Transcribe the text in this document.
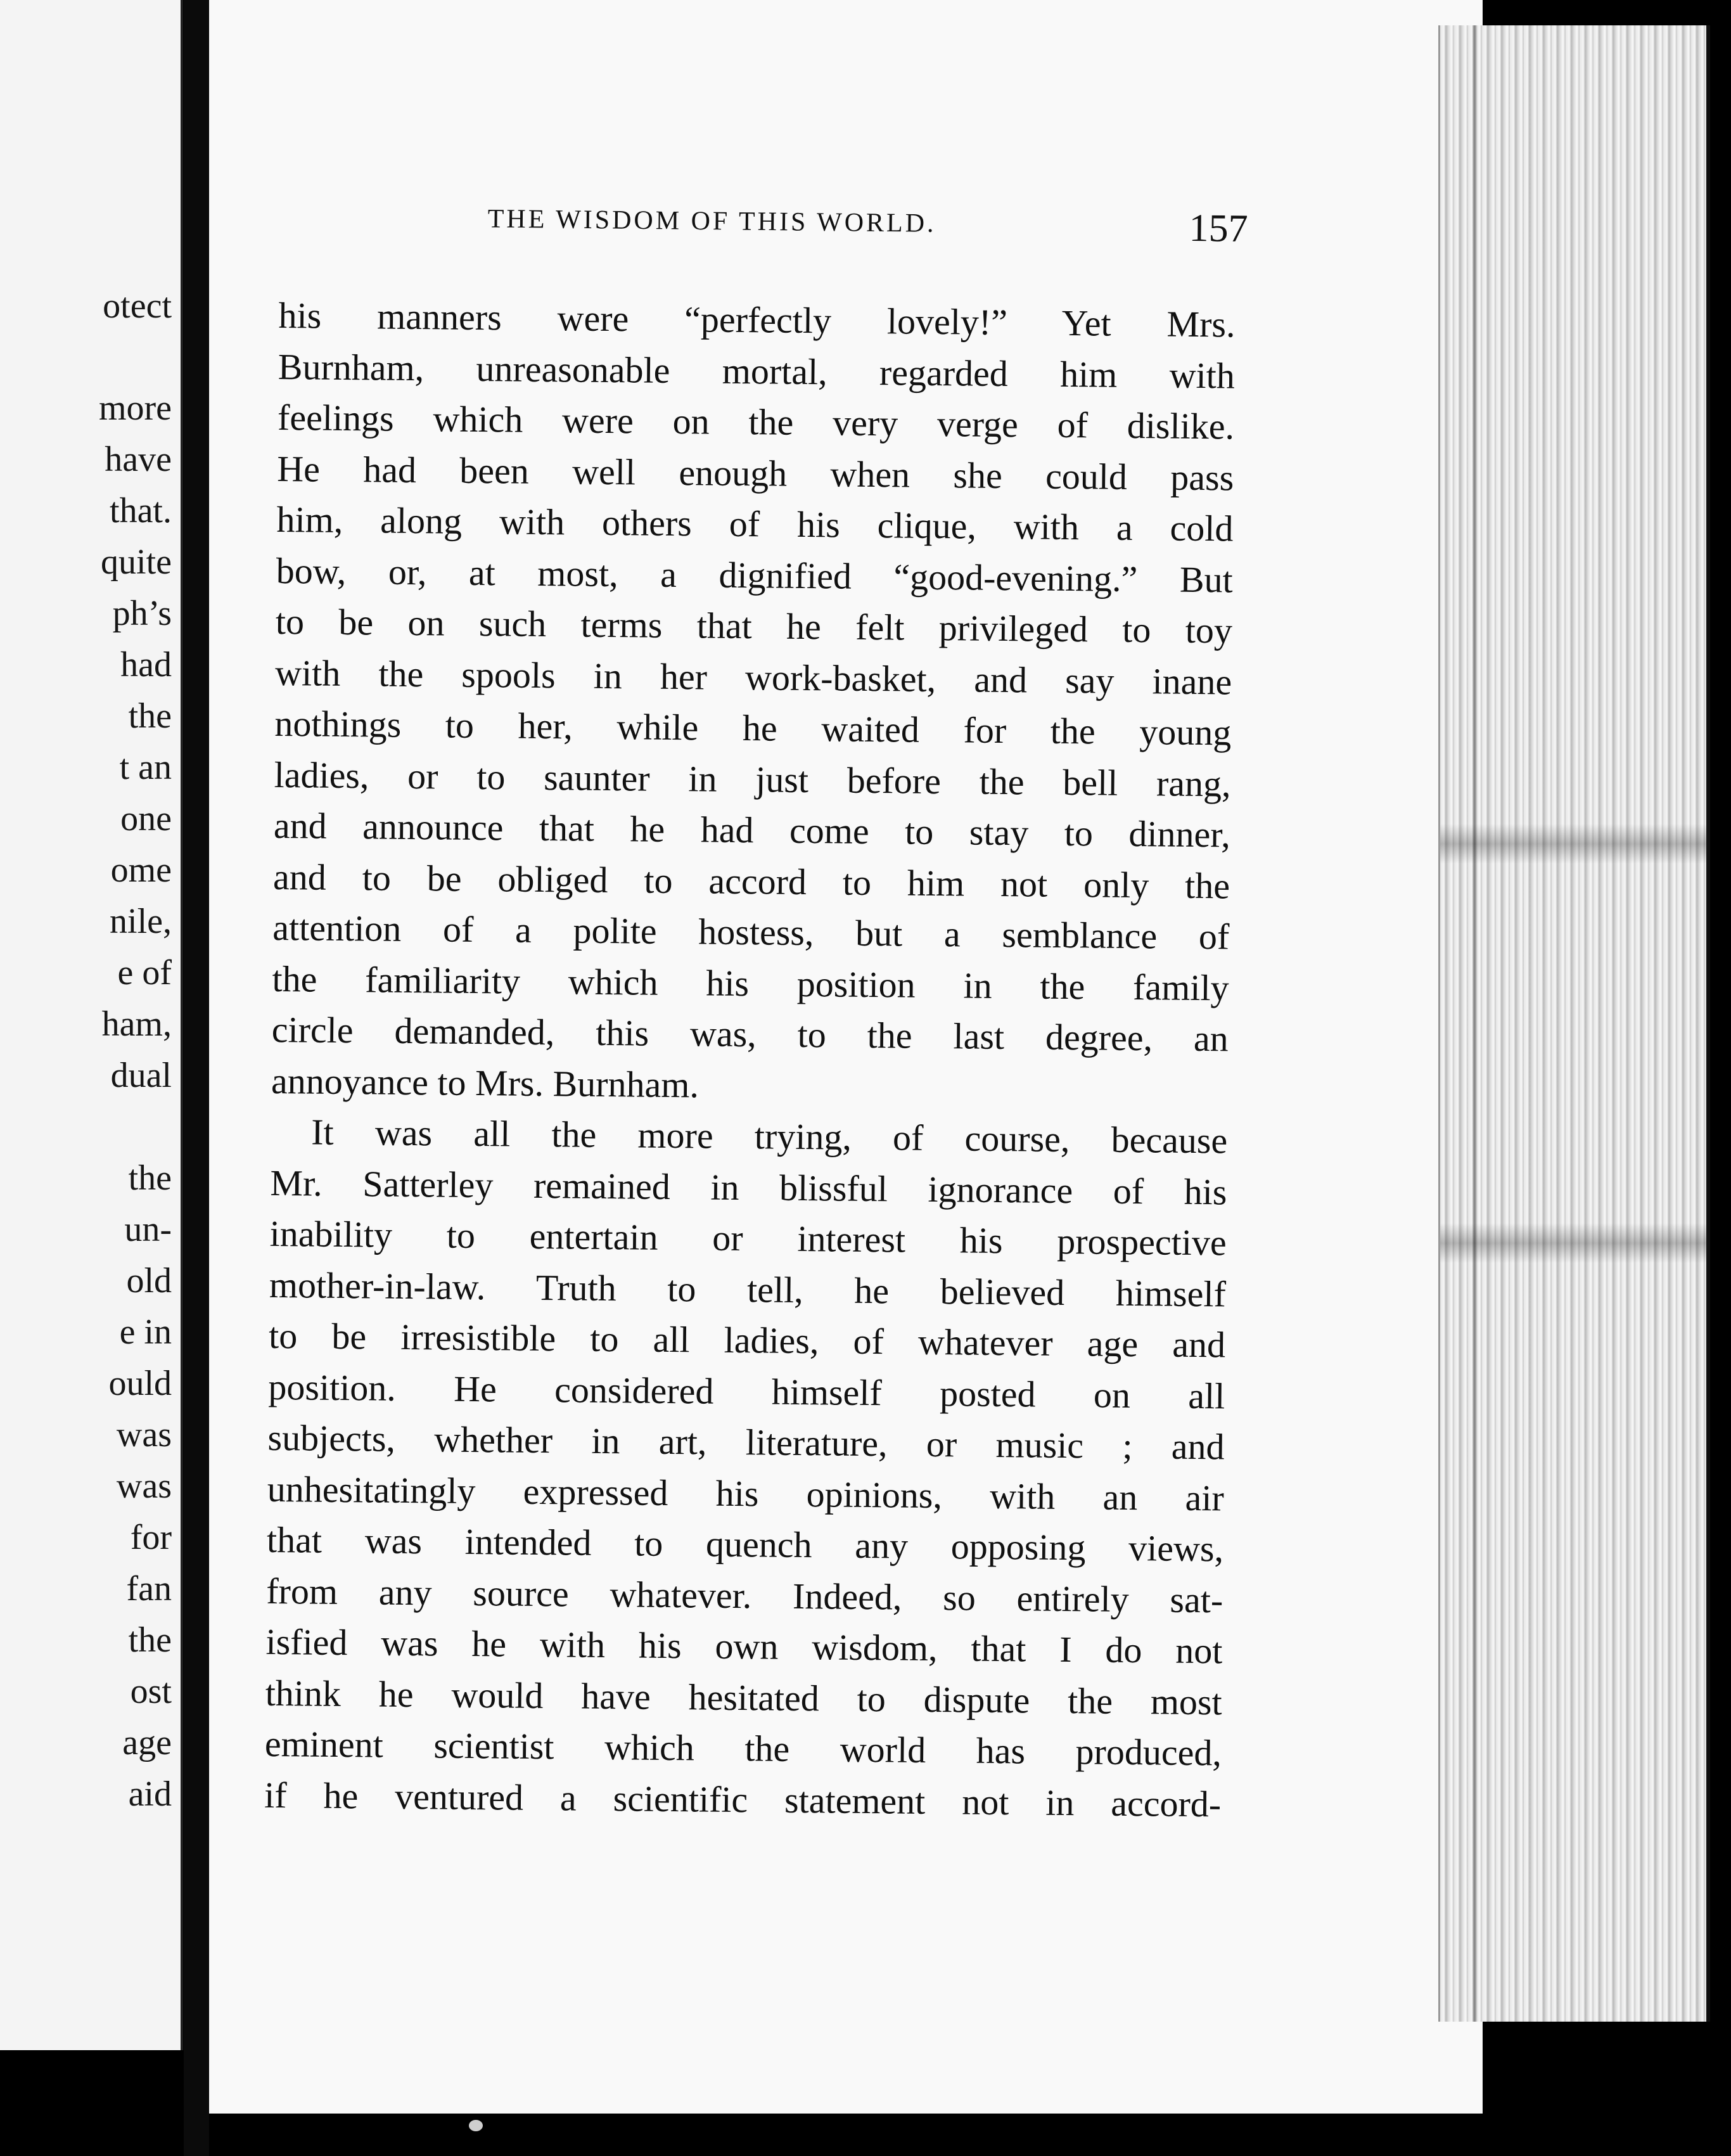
otect
more
have
that.
quite
ph’s
had
the
t an
one
ome
nile,
e of
ham,
dual
the
un-
old
e in
ould
was
was
for
fan
the
ost
age
aid
THE WISDOM OF THIS WORLD.	157
his manners were “perfectly lovely!” Yet Mrs.
Burnham, unreasonable mortal, regarded him with
feelings which were on the very verge of dislike.
He had been well enough when she could pass
him, along with others of his clique, with a cold
bow, or, at most, a dignified “good-evening.” But
to be on such terms that he felt privileged to toy
with the spools in her work-basket, and say inane
nothings to her, while he waited for the young
ladies, or to saunter in just before the bell rang,
and announce that he had come to stay to dinner,
and to be obliged to accord to him not only the
attention of a polite hostess, but a semblance of
the familiarity which his position in the family
circle demanded, this was, to the last degree, an
annoyance to Mrs. Burnham.
It was all the more trying, of course, because
Mr. Satterley remained in blissful ignorance of his
inability to entertain or interest his prospective
mother-in-law. Truth to tell, he believed himself
to be irresistible to all ladies, of whatever age and
position. He considered himself posted on all
subjects, whether in art, literature, or music ; and
unhesitatingly expressed his opinions, with an air
that was intended to quench any opposing views,
from any source whatever. Indeed, so entirely sat-
isfied was he with his own wisdom, that I do not
think he would have hesitated to dispute the most
eminent scientist which the world has produced,
if he ventured a scientific statement not in accord-
